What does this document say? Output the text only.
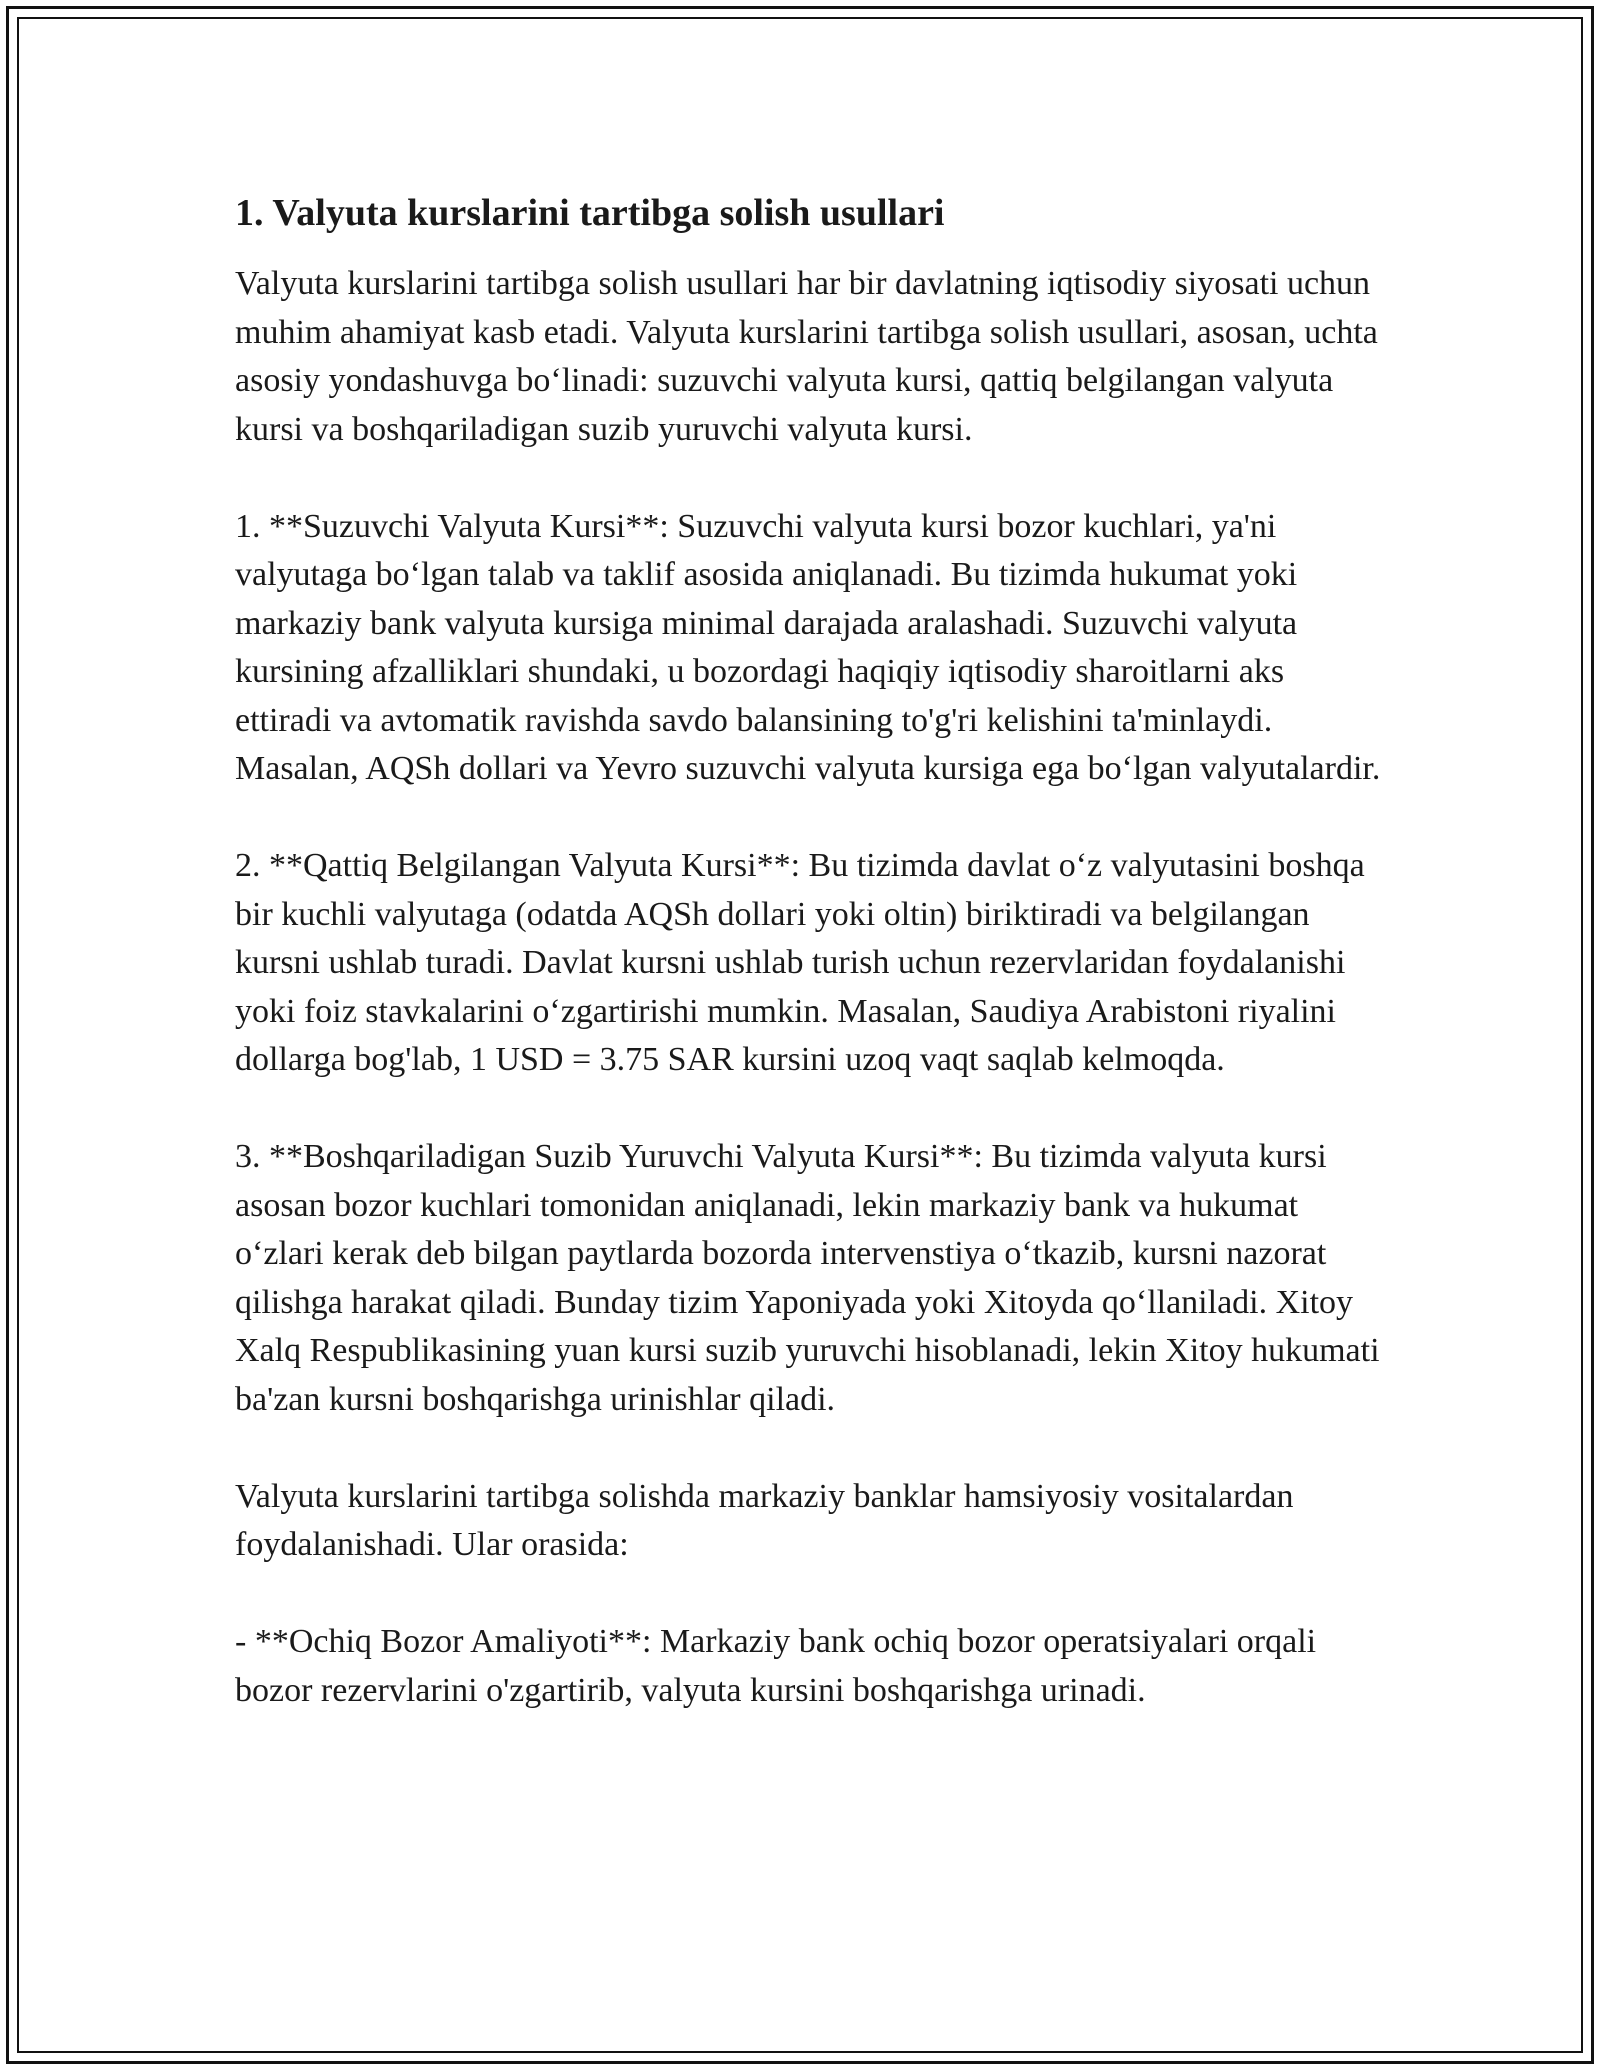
1. Valyuta kurslarini tartibga solish usullari

Valyuta kurslarini tartibga solish usullari har bir davlatning iqtisodiy siyosati uchun muhim ahamiyat kasb etadi. Valyuta kurslarini tartibga solish usullari, asosan, uchta asosiy yondashuvga bo‘linadi: suzuvchi valyuta kursi, qattiq belgilangan valyuta kursi va boshqariladigan suzib yuruvchi valyuta kursi.

1. **Suzuvchi Valyuta Kursi**: Suzuvchi valyuta kursi bozor kuchlari, ya'ni valyutaga bo‘lgan talab va taklif asosida aniqlanadi. Bu tizimda hukumat yoki markaziy bank valyuta kursiga minimal darajada aralashadi. Suzuvchi valyuta kursining afzalliklari shundaki, u bozordagi haqiqiy iqtisodiy sharoitlarni aks ettiradi va avtomatik ravishda savdo balansining to'g'ri kelishini ta'minlaydi. Masalan, AQSh dollari va Yevro suzuvchi valyuta kursiga ega bo‘lgan valyutalardir.

2. **Qattiq Belgilangan Valyuta Kursi**: Bu tizimda davlat o‘z valyutasini boshqa bir kuchli valyutaga (odatda AQSh dollari yoki oltin) biriktiradi va belgilangan kursni ushlab turadi. Davlat kursni ushlab turish uchun rezervlaridan foydalanishi yoki foiz stavkalarini o‘zgartirishi mumkin. Masalan, Saudiya Arabistoni riyalini dollarga bog'lab, 1 USD = 3.75 SAR kursini uzoq vaqt saqlab kelmoqda.

3. **Boshqariladigan Suzib Yuruvchi Valyuta Kursi**: Bu tizimda valyuta kursi asosan bozor kuchlari tomonidan aniqlanadi, lekin markaziy bank va hukumat o‘zlari kerak deb bilgan paytlarda bozorda intervenstiya o‘tkazib, kursni nazorat qilishga harakat qiladi. Bunday tizim Yaponiyada yoki Xitoyda qo‘llaniladi. Xitoy Xalq Respublikasining yuan kursi suzib yuruvchi hisoblanadi, lekin Xitoy hukumati ba'zan kursni boshqarishga urinishlar qiladi.

Valyuta kurslarini tartibga solishda markaziy banklar hamsiyosiy vositalardan foydalanishadi. Ular orasida:

- **Ochiq Bozor Amaliyoti**: Markaziy bank ochiq bozor operatsiyalari orqali bozor rezervlarini o'zgartirib, valyuta kursini boshqarishga urinadi.
